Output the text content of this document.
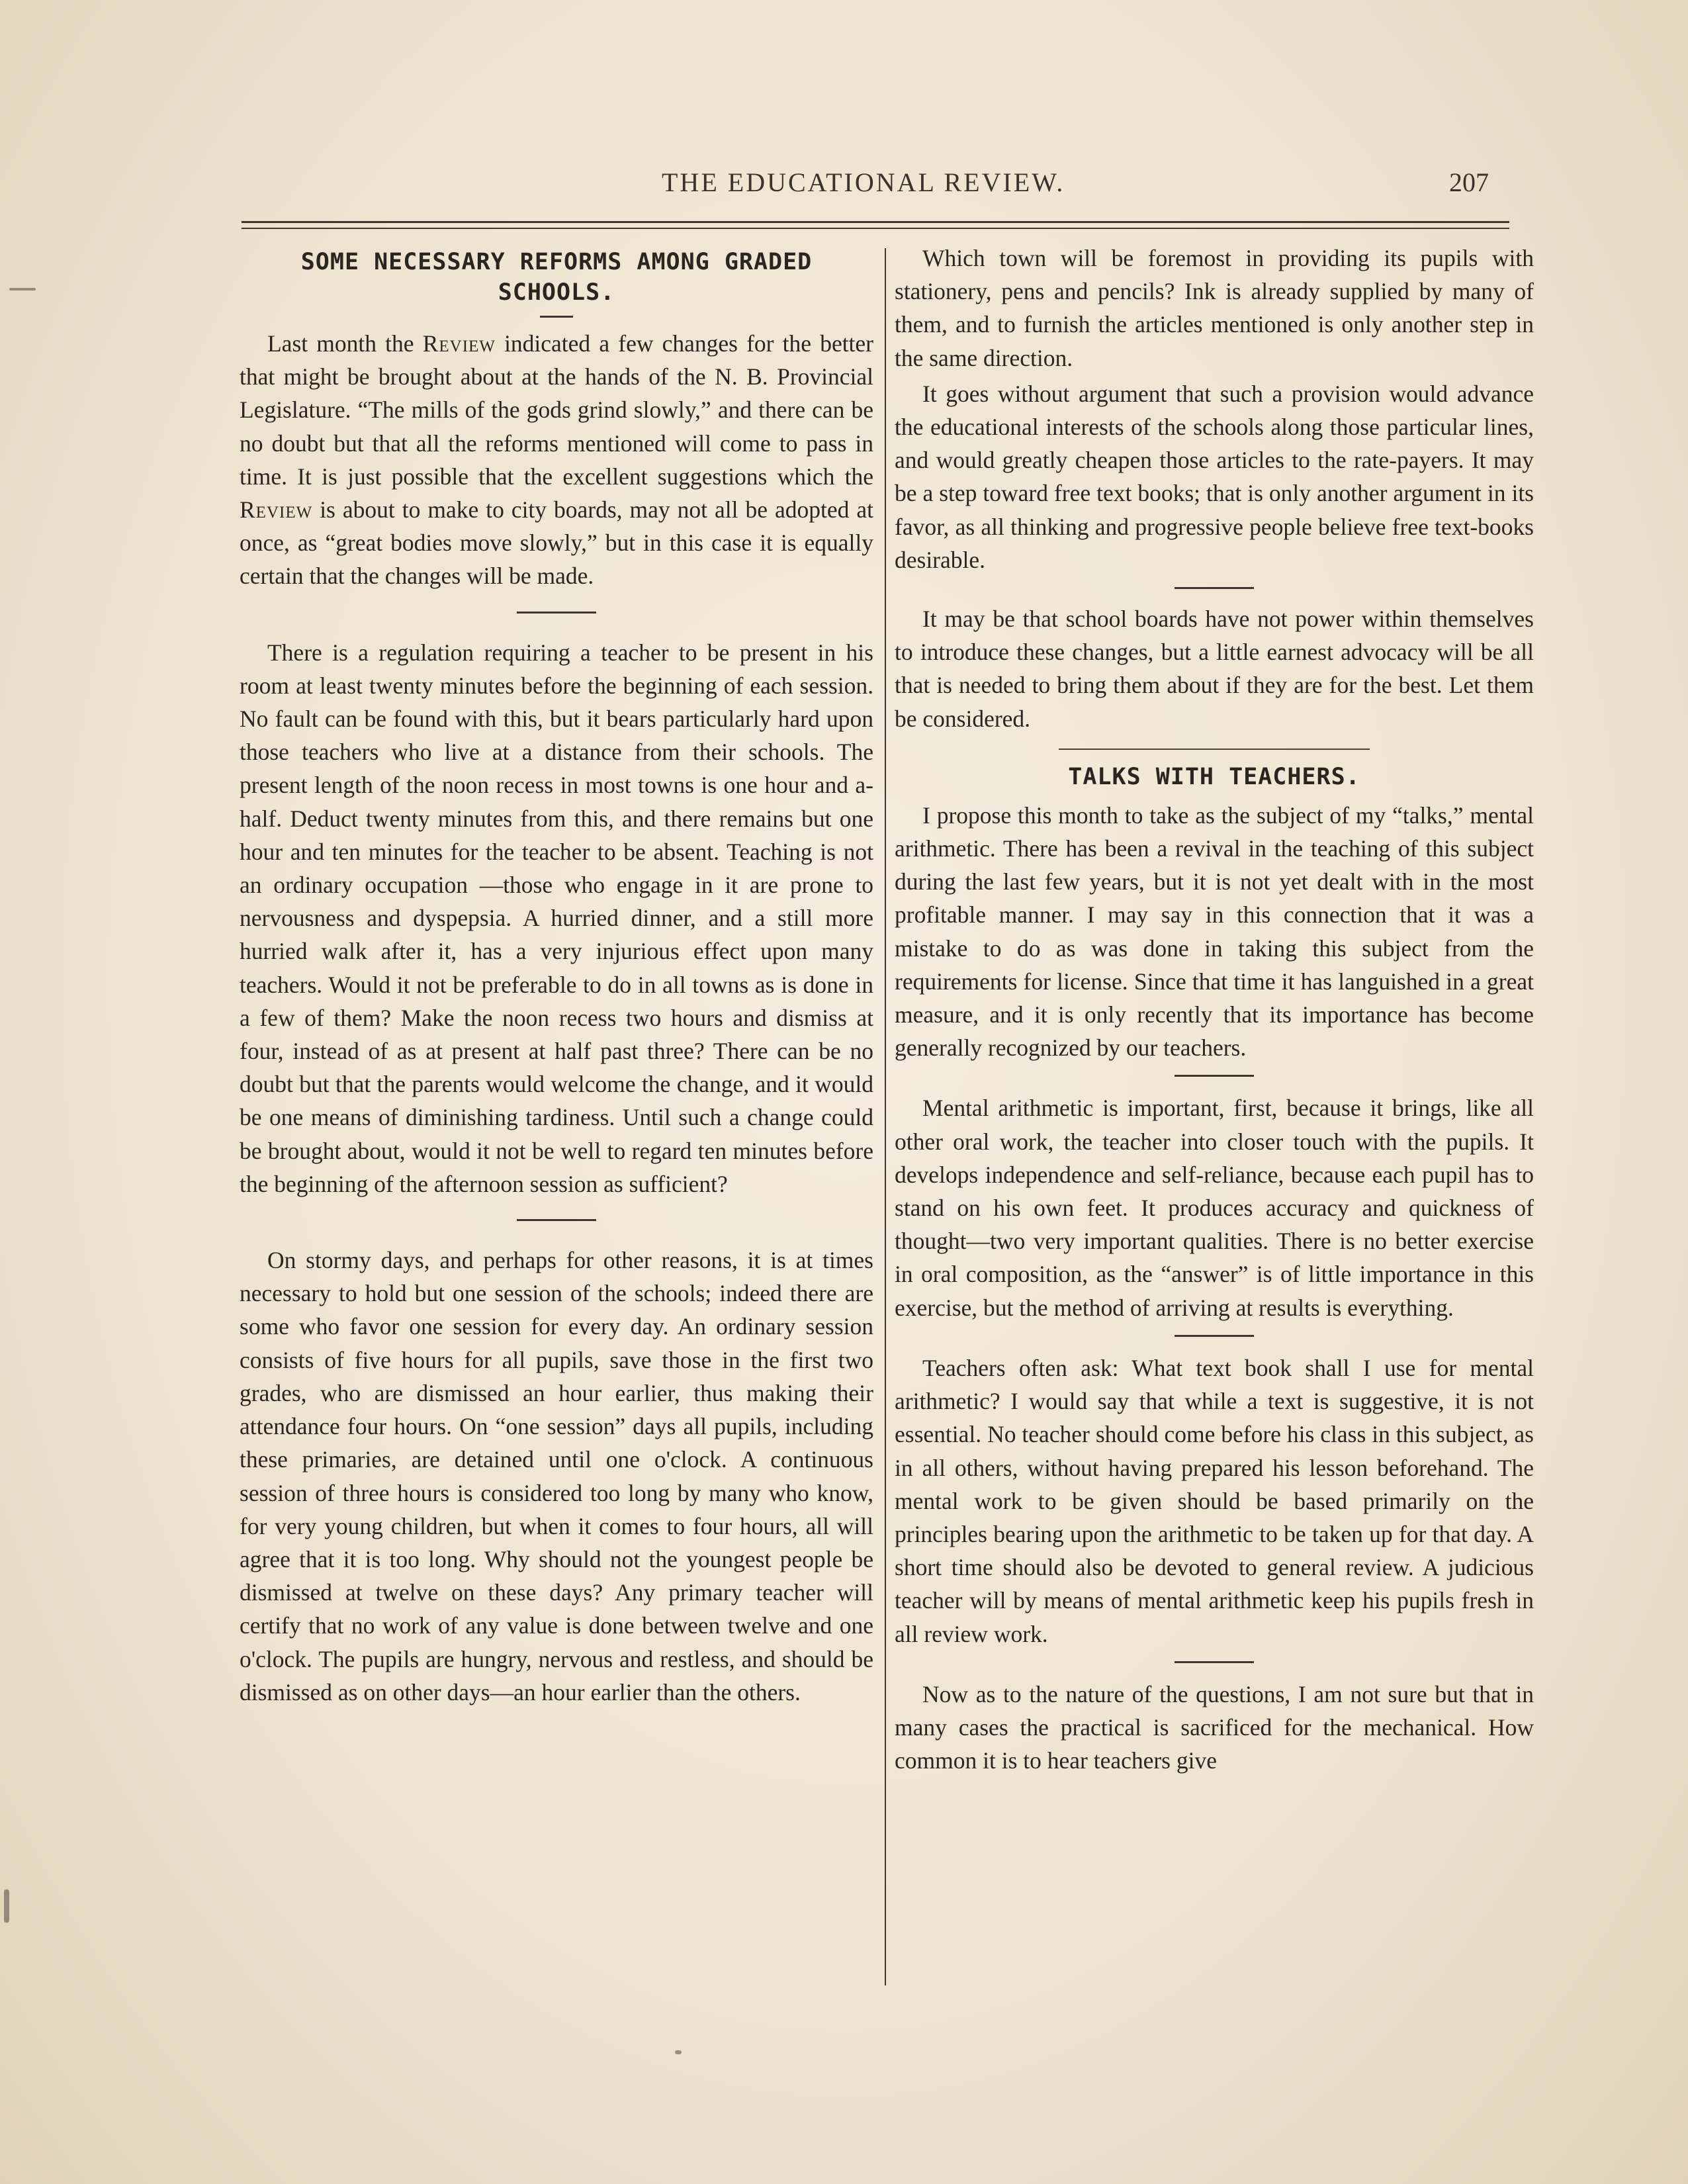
THE EDUCATIONAL REVIEW.	207
SOME NECESSARY REFORMS AMONG GRADED
SCHOOLS.

Last month the Review indicated a few changes for the better that might be brought about at the hands of the N. B. Provincial Legislature. “The mills of the gods grind slowly,” and there can be no doubt but that all the reforms mentioned will come to pass in time. It is just possible that the excellent suggestions which the Review is about to make to city boards, may not all be adopted at once, as “great bodies move slowly,” but in this case it is equally certain that the changes will be made.

There is a regulation requiring a teacher to be present in his room at least twenty minutes before the beginning of each session. No fault can be found with this, but it bears particularly hard upon those teachers who live at a distance from their schools. The present length of the noon recess in most towns is one hour and a-half. Deduct twenty minutes from this, and there remains but one hour and ten minutes for the teacher to be absent. Teaching is not an ordinary occupation —those who engage in it are prone to nervousness and dyspepsia. A hurried dinner, and a still more hurried walk after it, has a very injurious effect upon many teachers. Would it not be preferable to do in all towns as is done in a few of them? Make the noon recess two hours and dismiss at four, instead of as at present at half past three? There can be no doubt but that the parents would welcome the change, and it would be one means of diminishing tardiness. Until such a change could be brought about, would it not be well to regard ten minutes before the beginning of the afternoon session as sufficient?

On stormy days, and perhaps for other reasons, it is at times necessary to hold but one session of the schools; indeed there are some who favor one session for every day. An ordinary session consists of five hours for all pupils, save those in the first two grades, who are dismissed an hour earlier, thus making their attendance four hours. On “one session” days all pupils, including these primaries, are detained until one o'clock. A continuous session of three hours is considered too long by many who know, for very young children, but when it comes to four hours, all will agree that it is too long. Why should not the youngest people be dismissed at twelve on these days? Any primary teacher will certify that no work of any value is done between twelve and one o'clock. The pupils are hungry, nervous and restless, and should be dismissed as on other days—an hour earlier than the others.

Which town will be foremost in providing its pupils with stationery, pens and pencils? Ink is already supplied by many of them, and to furnish the articles mentioned is only another step in the same direction.

It goes without argument that such a provision would advance the educational interests of the schools along those particular lines, and would greatly cheapen those articles to the rate-payers. It may be a step toward free text books; that is only another argument in its favor, as all thinking and progressive people believe free text-books desirable.

It may be that school boards have not power within themselves to introduce these changes, but a little earnest advocacy will be all that is needed to bring them about if they are for the best. Let them be considered.

TALKS WITH TEACHERS.

I propose this month to take as the subject of my “talks,” mental arithmetic. There has been a revival in the teaching of this subject during the last few years, but it is not yet dealt with in the most profitable manner. I may say in this connection that it was a mistake to do as was done in taking this subject from the requirements for license. Since that time it has languished in a great measure, and it is only recently that its importance has become generally recognized by our teachers.

Mental arithmetic is important, first, because it brings, like all other oral work, the teacher into closer touch with the pupils. It develops independence and self-reliance, because each pupil has to stand on his own feet. It produces accuracy and quickness of thought—two very important qualities. There is no better exercise in oral composition, as the “answer” is of little importance in this exercise, but the method of arriving at results is everything.

Teachers often ask: What text book shall I use for mental arithmetic? I would say that while a text is suggestive, it is not essential. No teacher should come before his class in this subject, as in all others, without having prepared his lesson beforehand. The mental work to be given should be based primarily on the principles bearing upon the arithmetic to be taken up for that day. A short time should also be devoted to general review. A judicious teacher will by means of mental arithmetic keep his pupils fresh in all review work.

Now as to the nature of the questions, I am not sure but that in many cases the practical is sacrificed for the mechanical. How common it is to hear teachers give
